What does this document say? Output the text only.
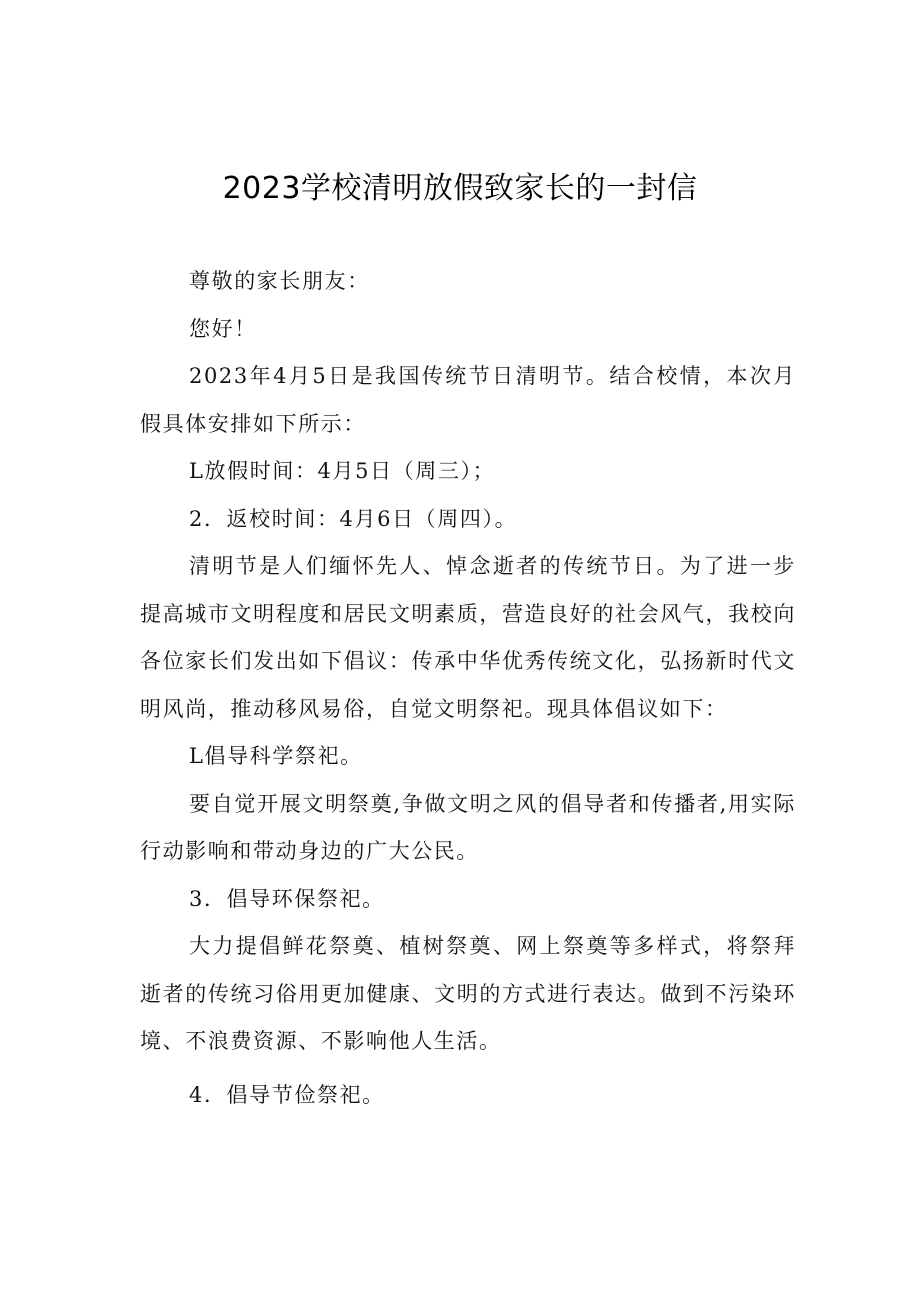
2023学校清明放假致家长的一封信

尊敬的家长朋友：

您好！

2023年4月5日是我国传统节日清明节。结合校情，本次月假具体安排如下所示：

L放假时间：4月5日（周三）；

2．返校时间：4月6日（周四）。

清明节是人们缅怀先人、悼念逝者的传统节日。为了进一步提高城市文明程度和居民文明素质，营造良好的社会风气，我校向各位家长们发出如下倡议：传承中华优秀传统文化，弘扬新时代文明风尚，推动移风易俗，自觉文明祭祀。现具体倡议如下：

L倡导科学祭祀。

要自觉开展文明祭奠,争做文明之风的倡导者和传播者,用实际行动影响和带动身边的广大公民。

3．倡导环保祭祀。

大力提倡鲜花祭奠、植树祭奠、网上祭奠等多样式，将祭拜逝者的传统习俗用更加健康、文明的方式进行表达。做到不污染环境、不浪费资源、不影响他人生活。

4．倡导节俭祭祀。
